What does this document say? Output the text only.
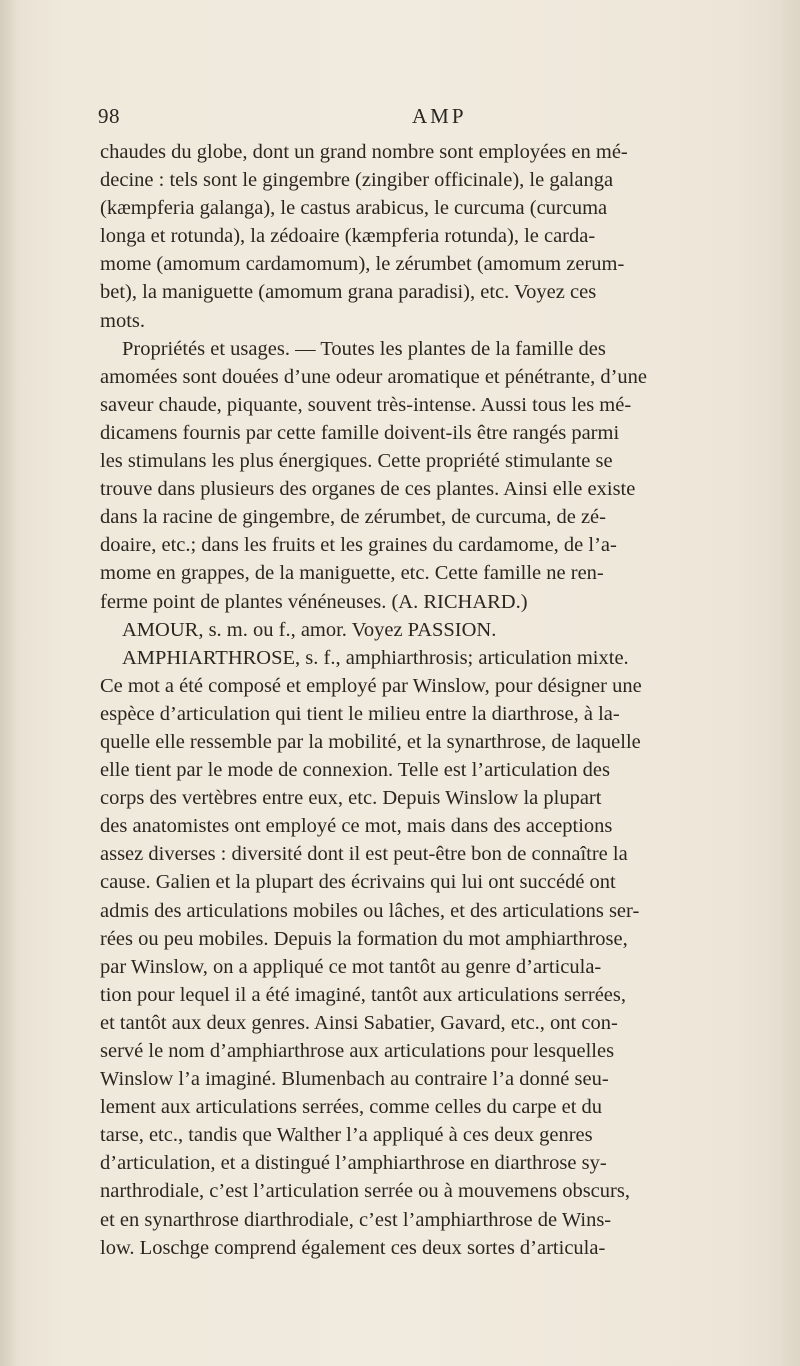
98	AMP
chaudes du globe, dont un grand nombre sont employées en mé-
decine : tels sont le gingembre (zingiber officinale), le galanga
(kæmpferia galanga), le castus arabicus, le curcuma (curcuma
longa et rotunda), la zédoaire (kæmpferia rotunda), le carda-
mome (amomum cardamomum), le zérumbet (amomum zerum-
bet), la maniguette (amomum grana paradisi), etc. Voyez ces
mots.
Propriétés et usages. — Toutes les plantes de la famille des
amomées sont douées d’une odeur aromatique et pénétrante, d’une
saveur chaude, piquante, souvent très-intense. Aussi tous les mé-
dicamens fournis par cette famille doivent-ils être rangés parmi
les stimulans les plus énergiques. Cette propriété stimulante se
trouve dans plusieurs des organes de ces plantes. Ainsi elle existe
dans la racine de gingembre, de zérumbet, de curcuma, de zé-
doaire, etc.; dans les fruits et les graines du cardamome, de l’a-
mome en grappes, de la maniguette, etc. Cette famille ne ren-
ferme point de plantes vénéneuses. (A. RICHARD.)
AMOUR, s. m. ou f., amor. Voyez PASSION.
AMPHIARTHROSE, s. f., amphiarthrosis; articulation mixte.
Ce mot a été composé et employé par Winslow, pour désigner une
espèce d’articulation qui tient le milieu entre la diarthrose, à la-
quelle elle ressemble par la mobilité, et la synarthrose, de laquelle
elle tient par le mode de connexion. Telle est l’articulation des
corps des vertèbres entre eux, etc. Depuis Winslow la plupart
des anatomistes ont employé ce mot, mais dans des acceptions
assez diverses : diversité dont il est peut-être bon de connaître la
cause. Galien et la plupart des écrivains qui lui ont succédé ont
admis des articulations mobiles ou lâches, et des articulations ser-
rées ou peu mobiles. Depuis la formation du mot amphiarthrose,
par Winslow, on a appliqué ce mot tantôt au genre d’articula-
tion pour lequel il a été imaginé, tantôt aux articulations serrées,
et tantôt aux deux genres. Ainsi Sabatier, Gavard, etc., ont con-
servé le nom d’amphiarthrose aux articulations pour lesquelles
Winslow l’a imaginé. Blumenbach au contraire l’a donné seu-
lement aux articulations serrées, comme celles du carpe et du
tarse, etc., tandis que Walther l’a appliqué à ces deux genres
d’articulation, et a distingué l’amphiarthrose en diarthrose sy-
narthrodiale, c’est l’articulation serrée ou à mouvemens obscurs,
et en synarthrose diarthrodiale, c’est l’amphiarthrose de Wins-
low. Loschge comprend également ces deux sortes d’articula-
